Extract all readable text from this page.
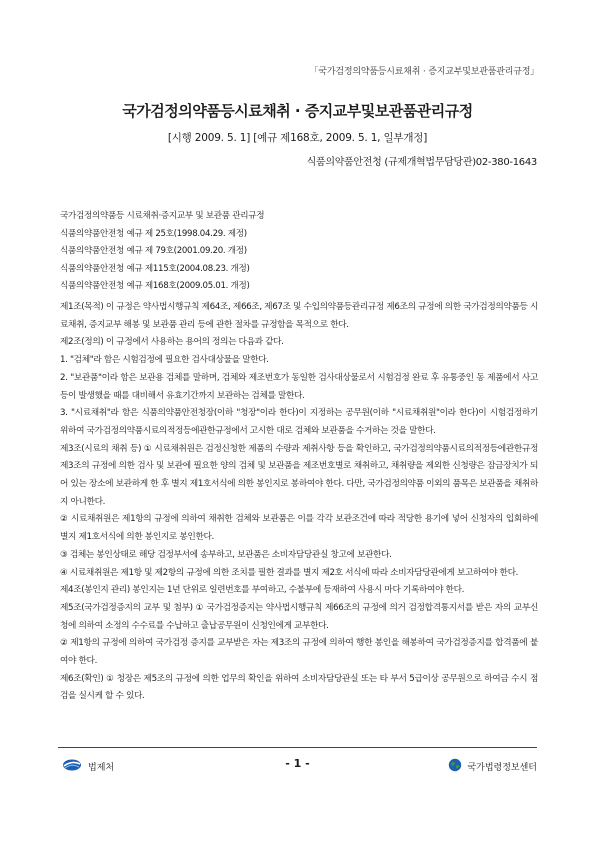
「국가검정의약품등시료채취 · 증지교부및보관품관리규정」
국가검정의약품등시료채취 · 증지교부및보관품관리규정
[시행 2009. 5. 1] [예규 제168호, 2009. 5. 1, 일부개정]
식품의약품안전청 (규제개혁법무담당관)02-380-1643
국가검정의약품등 시료채취·증지교부 및 보관품 관리규정
식품의약품안전청 예규 제 25호(1998.04.29. 제정)
식품의약품안전청 예규 제 79호(2001.09.20. 개정)
식품의약품안전청 예규 제115호(2004.08.23. 개정)
식품의약품안전청 예규 제168호(2009.05.01. 개정)

제1조(목적) 이 규정은 약사법시행규칙 제64조, 제66조, 제67조 및 수입의약품등관리규정 제6조의 규정에 의한 국가검정의약품등 시료채취, 증지교부 해봉 및 보관품 관리 등에 관한 절차를 규정함을 목적으로 한다.

제2조(정의) 이 규정에서 사용하는 용어의 정의는 다음과 같다.

1. "검체"라 함은 시험검정에 필요한 검사대상물을 말한다.

2. "보관품"이라 함은 보관용 검체를 말하며, 검체와 제조번호가 동일한 검사대상물로서 시험검정 완료 후 유통중인 동 제품에서 사고등이 발생했을 때를 대비해서 유효기간까지 보관하는 검체를 말한다.

3. "시료채취"라 함은 식품의약품안전청장(이하 "청장"이라 한다)이 지정하는 공무원(이하 "시료채취원"이라 한다)이 시험검정하기 위하여 국가검정의약품시료의적정등에관한규정에서 고시한 대로 검체와 보관품을 수거하는 것을 말한다.

제3조(시료의 채취 등) ① 시료채취원은 검정신청한 제품의 수량과 제취사항 등을 확인하고, 국가검정의약품시료의적정등에관한규정 제3조의 규정에 의한 검사 및 보관에 필요한 양의 검체 및 보관품을 제조번호별로 채취하고, 채취량을 제외한 신청량은 잠금장치가 되어 있는 장소에 보관하게 한 후 별지 제1호서식에 의한 봉인지로 봉하여야 한다. 다만, 국가검정의약품 이외의 품목은 보관품을 채취하지 아니한다.

② 시료채취원은 제1항의 규정에 의하여 채취한 검체와 보관품은 이를 각각 보관조건에 따라 적당한 용기에 넣어 신청자의 입회하에 별지 제1호서식에 의한 봉인지로 봉인한다.

③ 검체는 봉인상태로 해당 검정부서에 송부하고, 보관품은 소비자담당관실 창고에 보관한다.

④ 시료채취원은 제1항 및 제2항의 규정에 의한 조치를 필한 결과를 별지 제2호 서식에 따라 소비자담당관에게 보고하여야 한다.

제4조(봉인지 관리) 봉인지는 1년 단위로 일련번호를 부여하고, 수불부에 등재하여 사용시 마다 기록하여야 한다.

제5조(국가검정증지의 교부 및 첨부) ① 국가검정증지는 약사법시행규칙 제66조의 규정에 의거 검정합격통지서를 받은 자의 교부신청에 의하여 소정의 수수료를 수납하고 출납공무원이 신청인에게 교부한다.

② 제1항의 규정에 의하여 국가검정 증지를 교부받은 자는 제3조의 규정에 의하여 행한 봉인을 해봉하여 국가검정증지를 합격품에 붙여야 한다.

제6조(확인) ① 청장은 제5조의 규정에 의한 업무의 확인을 위하여 소비자담당관실 또는 타 부서 5급이상 공무원으로 하여금 수시 점검을 실시케 할 수 있다.

법제처	- 1 -	국가법령정보센터
